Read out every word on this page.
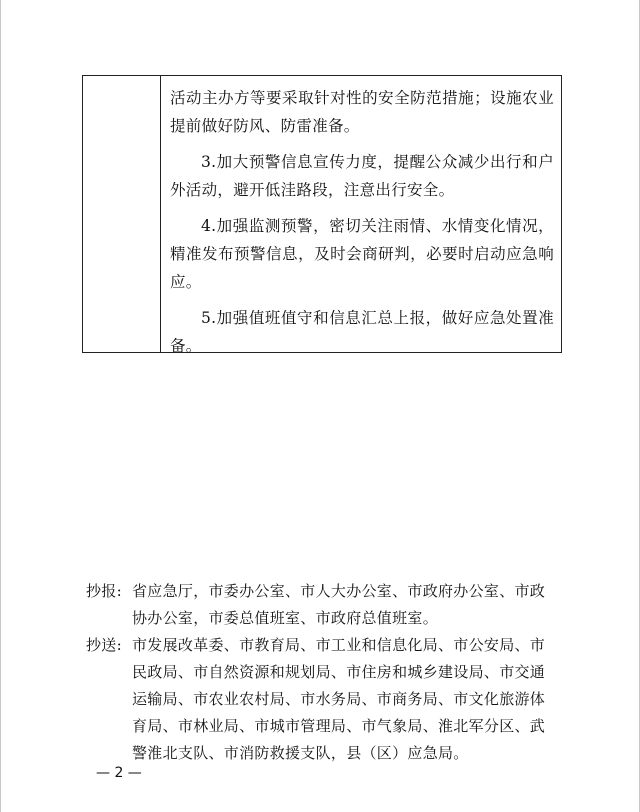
活动主办方等要采取针对性的安全防范措施；设施农业提前做好防风、防雷准备。

3.加大预警信息宣传力度，提醒公众减少出行和户外活动，避开低洼路段，注意出行安全。

4.加强监测预警，密切关注雨情、水情变化情况，精准发布预警信息，及时会商研判，必要时启动应急响应。

5.加强值班值守和信息汇总上报，做好应急处置准备。

抄报: 省应急厅，市委办公室、市人大办公室、市政府办公室、市政
协办公室，市委总值班室、市政府总值班室。
抄送: 市发展改革委、市教育局、市工业和信息化局、市公安局、市
民政局、市自然资源和规划局、市住房和城乡建设局、市交通
运输局、市农业农村局、市水务局、市商务局、市文化旅游体
育局、市林业局、市城市管理局、市气象局、淮北军分区、武
警淮北支队、市消防救援支队，县（区）应急局。
— 2 —
